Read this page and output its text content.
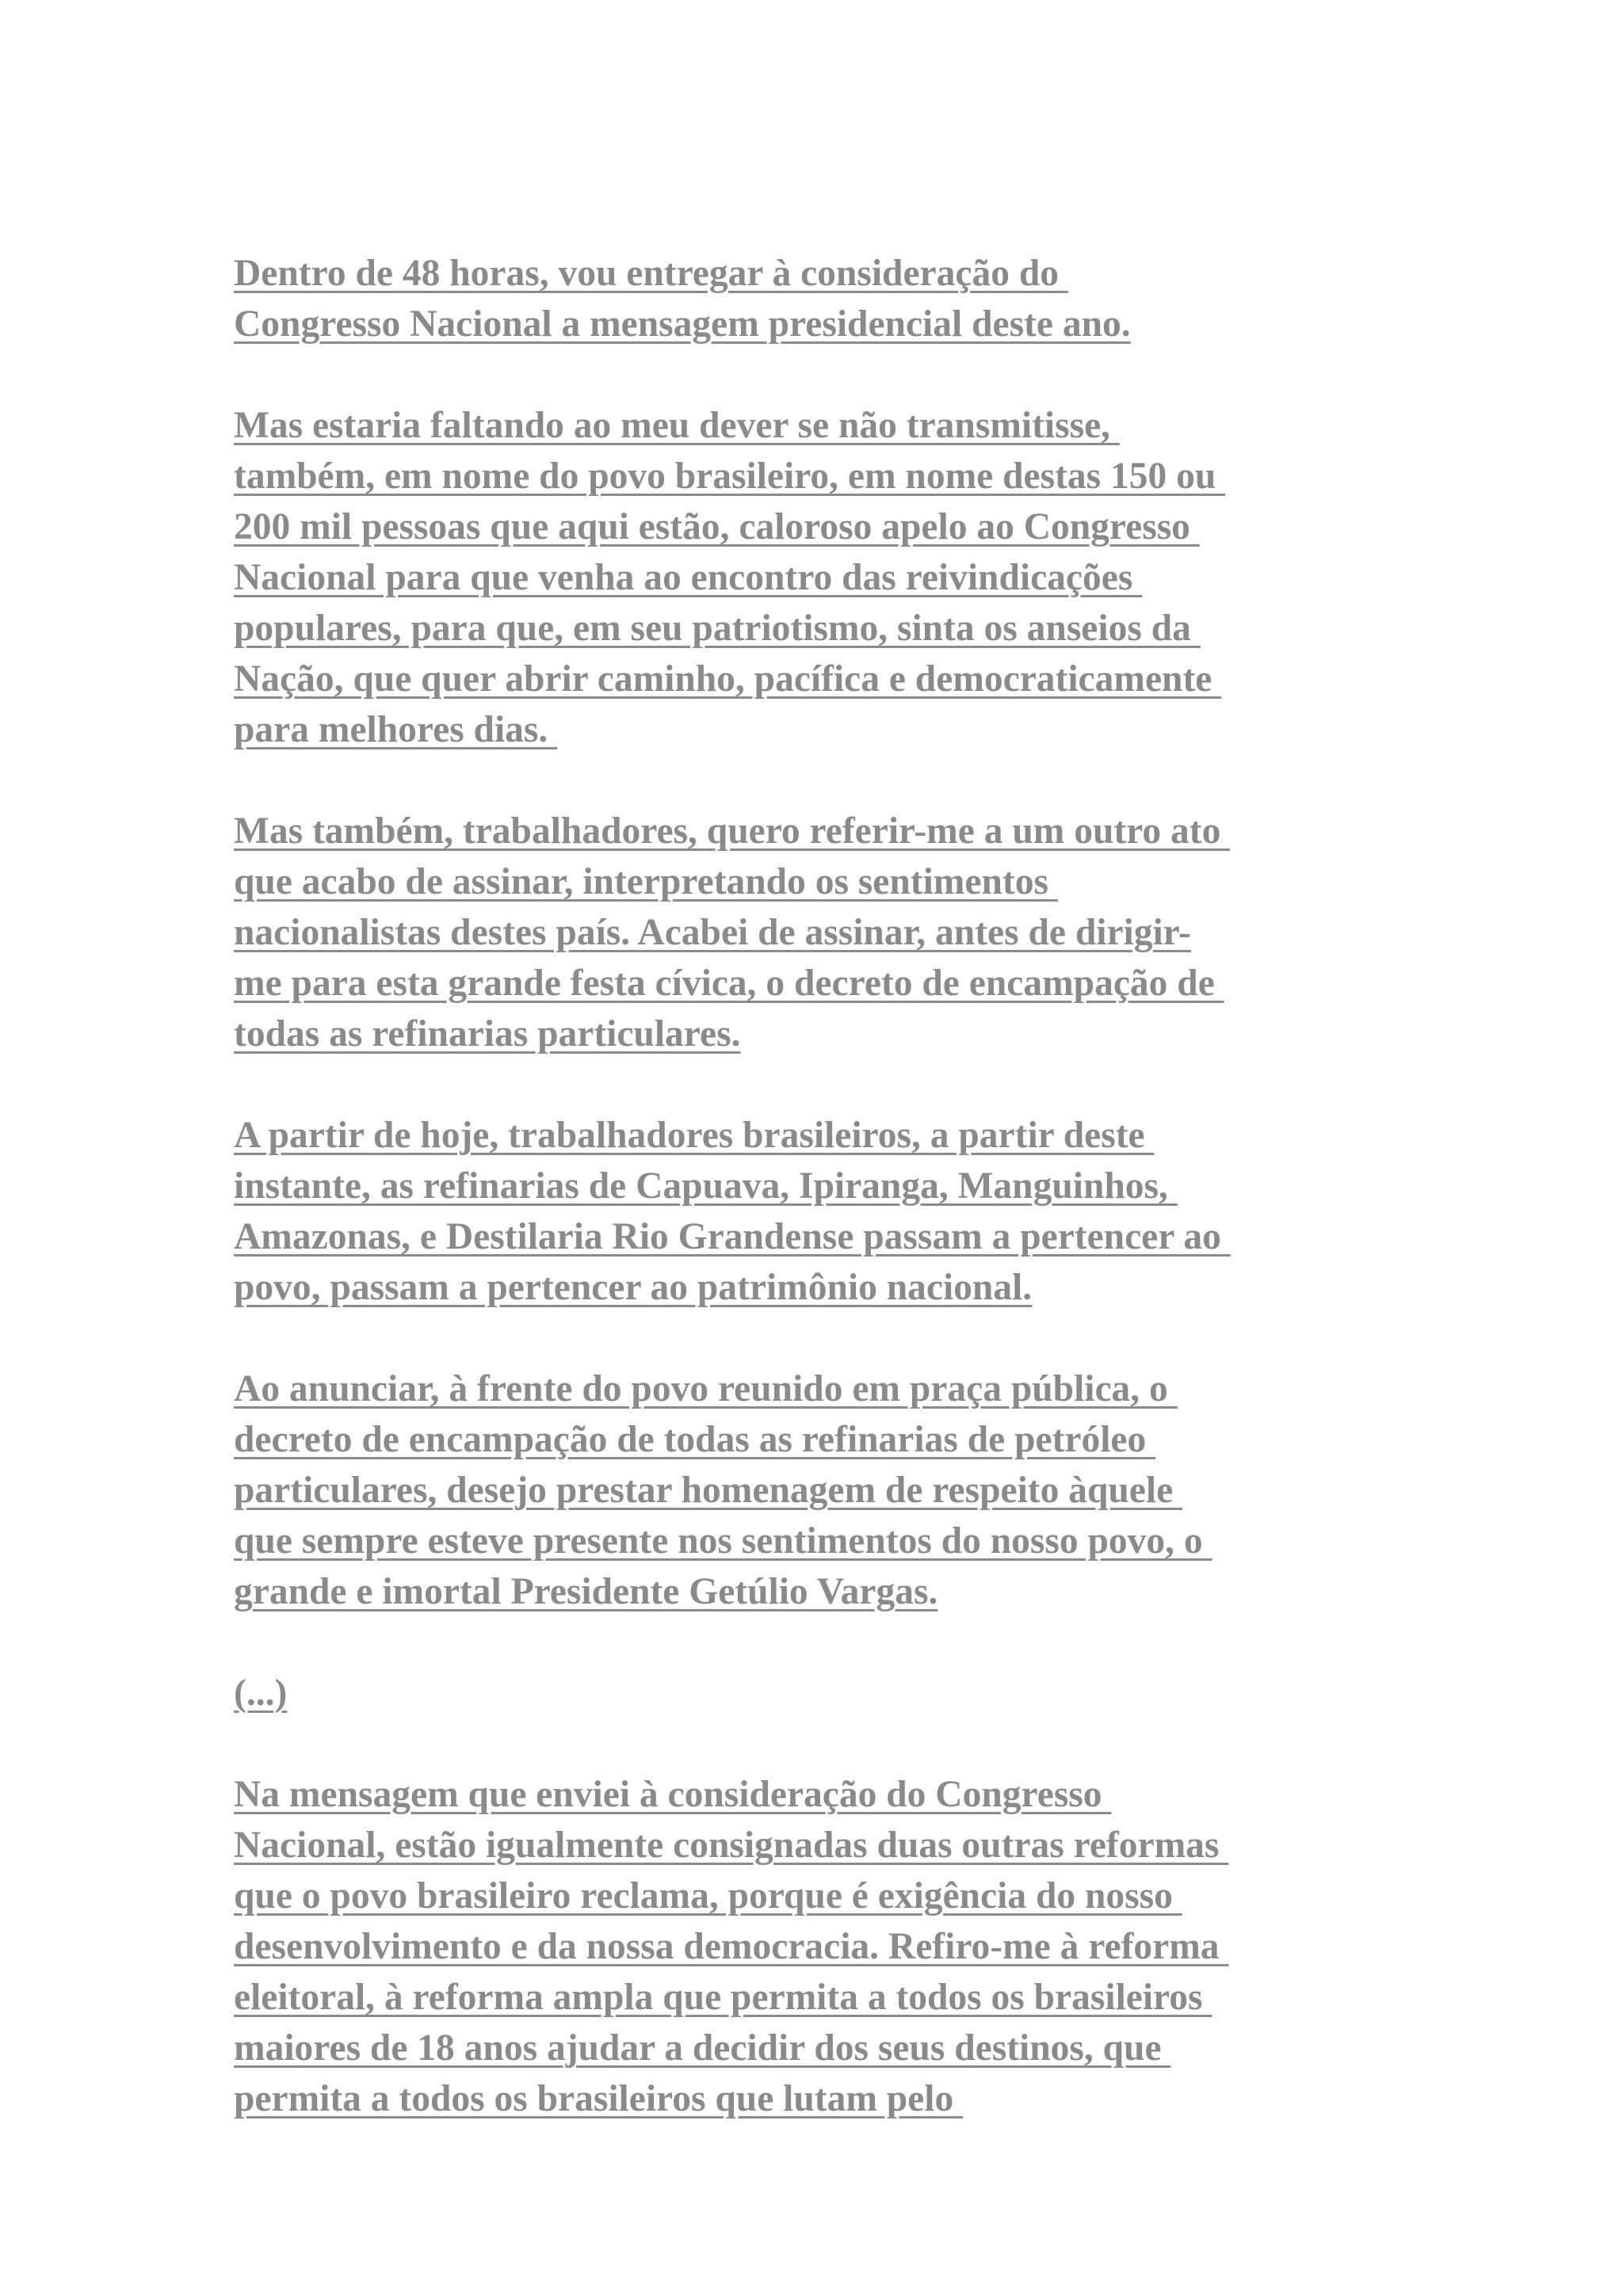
Dentro de 48 horas, vou entregar à consideração do
Congresso Nacional a mensagem presidencial deste ano.

Mas estaria faltando ao meu dever se não transmitisse,
também, em nome do povo brasileiro, em nome destas 150 ou
200 mil pessoas que aqui estão, caloroso apelo ao Congresso
Nacional para que venha ao encontro das reivindicações
populares, para que, em seu patriotismo, sinta os anseios da
Nação, que quer abrir caminho, pacífica e democraticamente
para melhores dias.

Mas também, trabalhadores, quero referir-me a um outro ato
que acabo de assinar, interpretando os sentimentos
nacionalistas destes país. Acabei de assinar, antes de dirigir-
me para esta grande festa cívica, o decreto de encampação de
todas as refinarias particulares.

A partir de hoje, trabalhadores brasileiros, a partir deste
instante, as refinarias de Capuava, Ipiranga, Manguinhos,
Amazonas, e Destilaria Rio Grandense passam a pertencer ao
povo, passam a pertencer ao patrimônio nacional.

Ao anunciar, à frente do povo reunido em praça pública, o
decreto de encampação de todas as refinarias de petróleo
particulares, desejo prestar homenagem de respeito àquele
que sempre esteve presente nos sentimentos do nosso povo, o
grande e imortal Presidente Getúlio Vargas.

(...)

Na mensagem que enviei à consideração do Congresso
Nacional, estão igualmente consignadas duas outras reformas
que o povo brasileiro reclama, porque é exigência do nosso
desenvolvimento e da nossa democracia. Refiro-me à reforma
eleitoral, à reforma ampla que permita a todos os brasileiros
maiores de 18 anos ajudar a decidir dos seus destinos, que
permita a todos os brasileiros que lutam pelo
